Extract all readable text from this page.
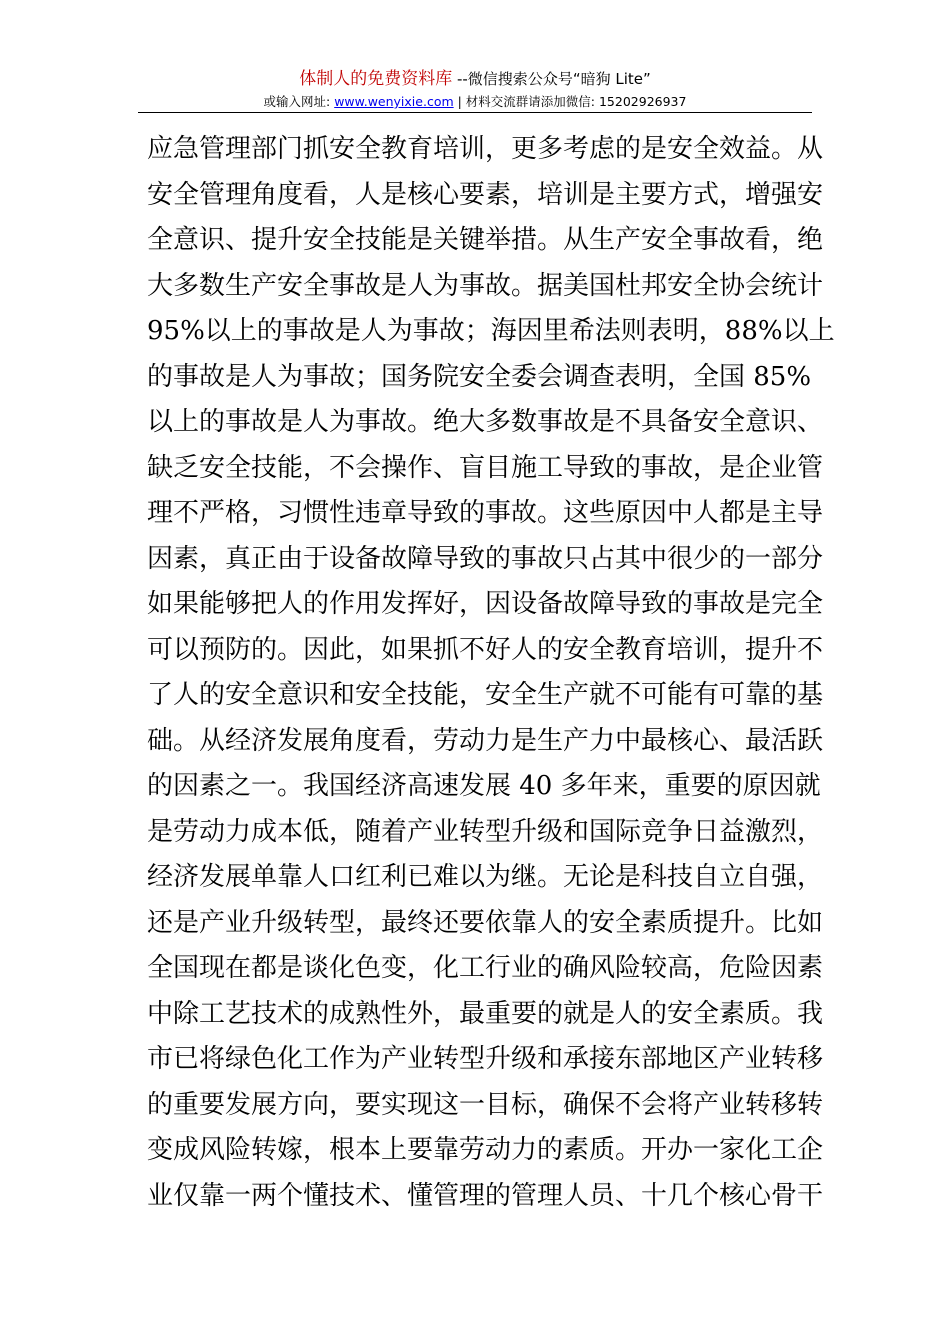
体制人的免费资料库 --微信搜索公众号“暗狗 Lite”
或输入网址: www.wenyixie.com | 材料交流群请添加微信: 15202926937
应急管理部门抓安全教育培训，更多考虑的是安全效益。从
安全管理角度看，人是核心要素，培训是主要方式，增强安
全意识、提升安全技能是关键举措。从生产安全事故看，绝
大多数生产安全事故是人为事故。据美国杜邦安全协会统计
95%以上的事故是人为事故；海因里希法则表明，88%以上
的事故是人为事故；国务院安全委会调查表明，全国 85%
以上的事故是人为事故。绝大多数事故是不具备安全意识、
缺乏安全技能，不会操作、盲目施工导致的事故，是企业管
理不严格，习惯性违章导致的事故。这些原因中人都是主导
因素，真正由于设备故障导致的事故只占其中很少的一部分
如果能够把人的作用发挥好，因设备故障导致的事故是完全
可以预防的。因此，如果抓不好人的安全教育培训，提升不
了人的安全意识和安全技能，安全生产就不可能有可靠的基
础。从经济发展角度看，劳动力是生产力中最核心、最活跃
的因素之一。我国经济高速发展 40 多年来，重要的原因就
是劳动力成本低，随着产业转型升级和国际竞争日益激烈，
经济发展单靠人口红利已难以为继。无论是科技自立自强，
还是产业升级转型，最终还要依靠人的安全素质提升。比如
全国现在都是谈化色变，化工行业的确风险较高，危险因素
中除工艺技术的成熟性外，最重要的就是人的安全素质。我
市已将绿色化工作为产业转型升级和承接东部地区产业转移
的重要发展方向，要实现这一目标，确保不会将产业转移转
变成风险转嫁，根本上要靠劳动力的素质。开办一家化工企
业仅靠一两个懂技术、懂管理的管理人员、十几个核心骨干
